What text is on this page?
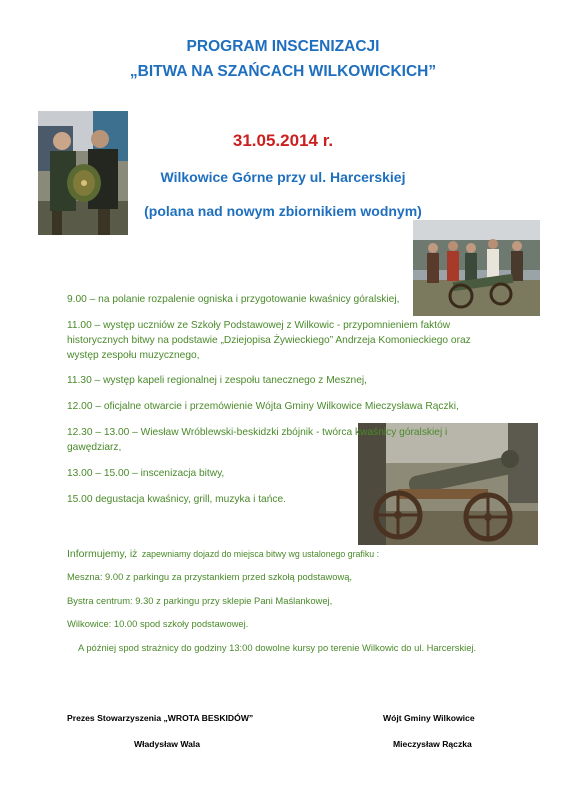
PROGRAM INSCENIZACJI
„BITWA NA SZAŃCACH WILKOWICKICH”
31.05.2014 r.
Wilkowice Górne przy ul. Harcerskiej
(polana nad nowym zbiornikiem wodnym)
9.00 – na polanie rozpalenie ogniska i przygotowanie kwaśnicy góralskiej,
11.00 – występ uczniów ze Szkoły Podstawowej z Wilkowic - przypomnieniem faktów historycznych bitwy na podstawie „Dziejopisa Żywieckiego” Andrzeja Komonieckiego oraz występ zespołu muzycznego,
11.30 – występ kapeli regionalnej i zespołu tanecznego z Mesznej,
12.00 – oficjalne otwarcie i przemówienie Wójta Gminy Wilkowice Mieczysława Rączki,
12.30 – 13.00 – Wiesław Wróblewski-beskidzki zbójnik - twórca kwaśnicy góralskiej i gawędziarz,
13.00 – 15.00 – inscenizacja bitwy,
15.00 degustacja kwaśnicy, grill, muzyka i tańce.
Informujemy, iż zapewniamy dojazd do miejsca bitwy wg ustalonego grafiku :
Meszna: 9.00 z parkingu za przystankiem przed szkołą podstawową,
Bystra centrum: 9.30 z parkingu przy sklepie Pani Maślankowej,
Wilkowice: 10.00 spod szkoły podstawowej.
A później spod strażnicy do godziny 13:00 dowolne kursy po terenie Wilkowic do ul. Harcerskiej.
Prezes Stowarzyszenia „WROTA BESKIDÓW”
Władysław Wala
Wójt Gminy Wilkowice
Mieczysław Rączka
